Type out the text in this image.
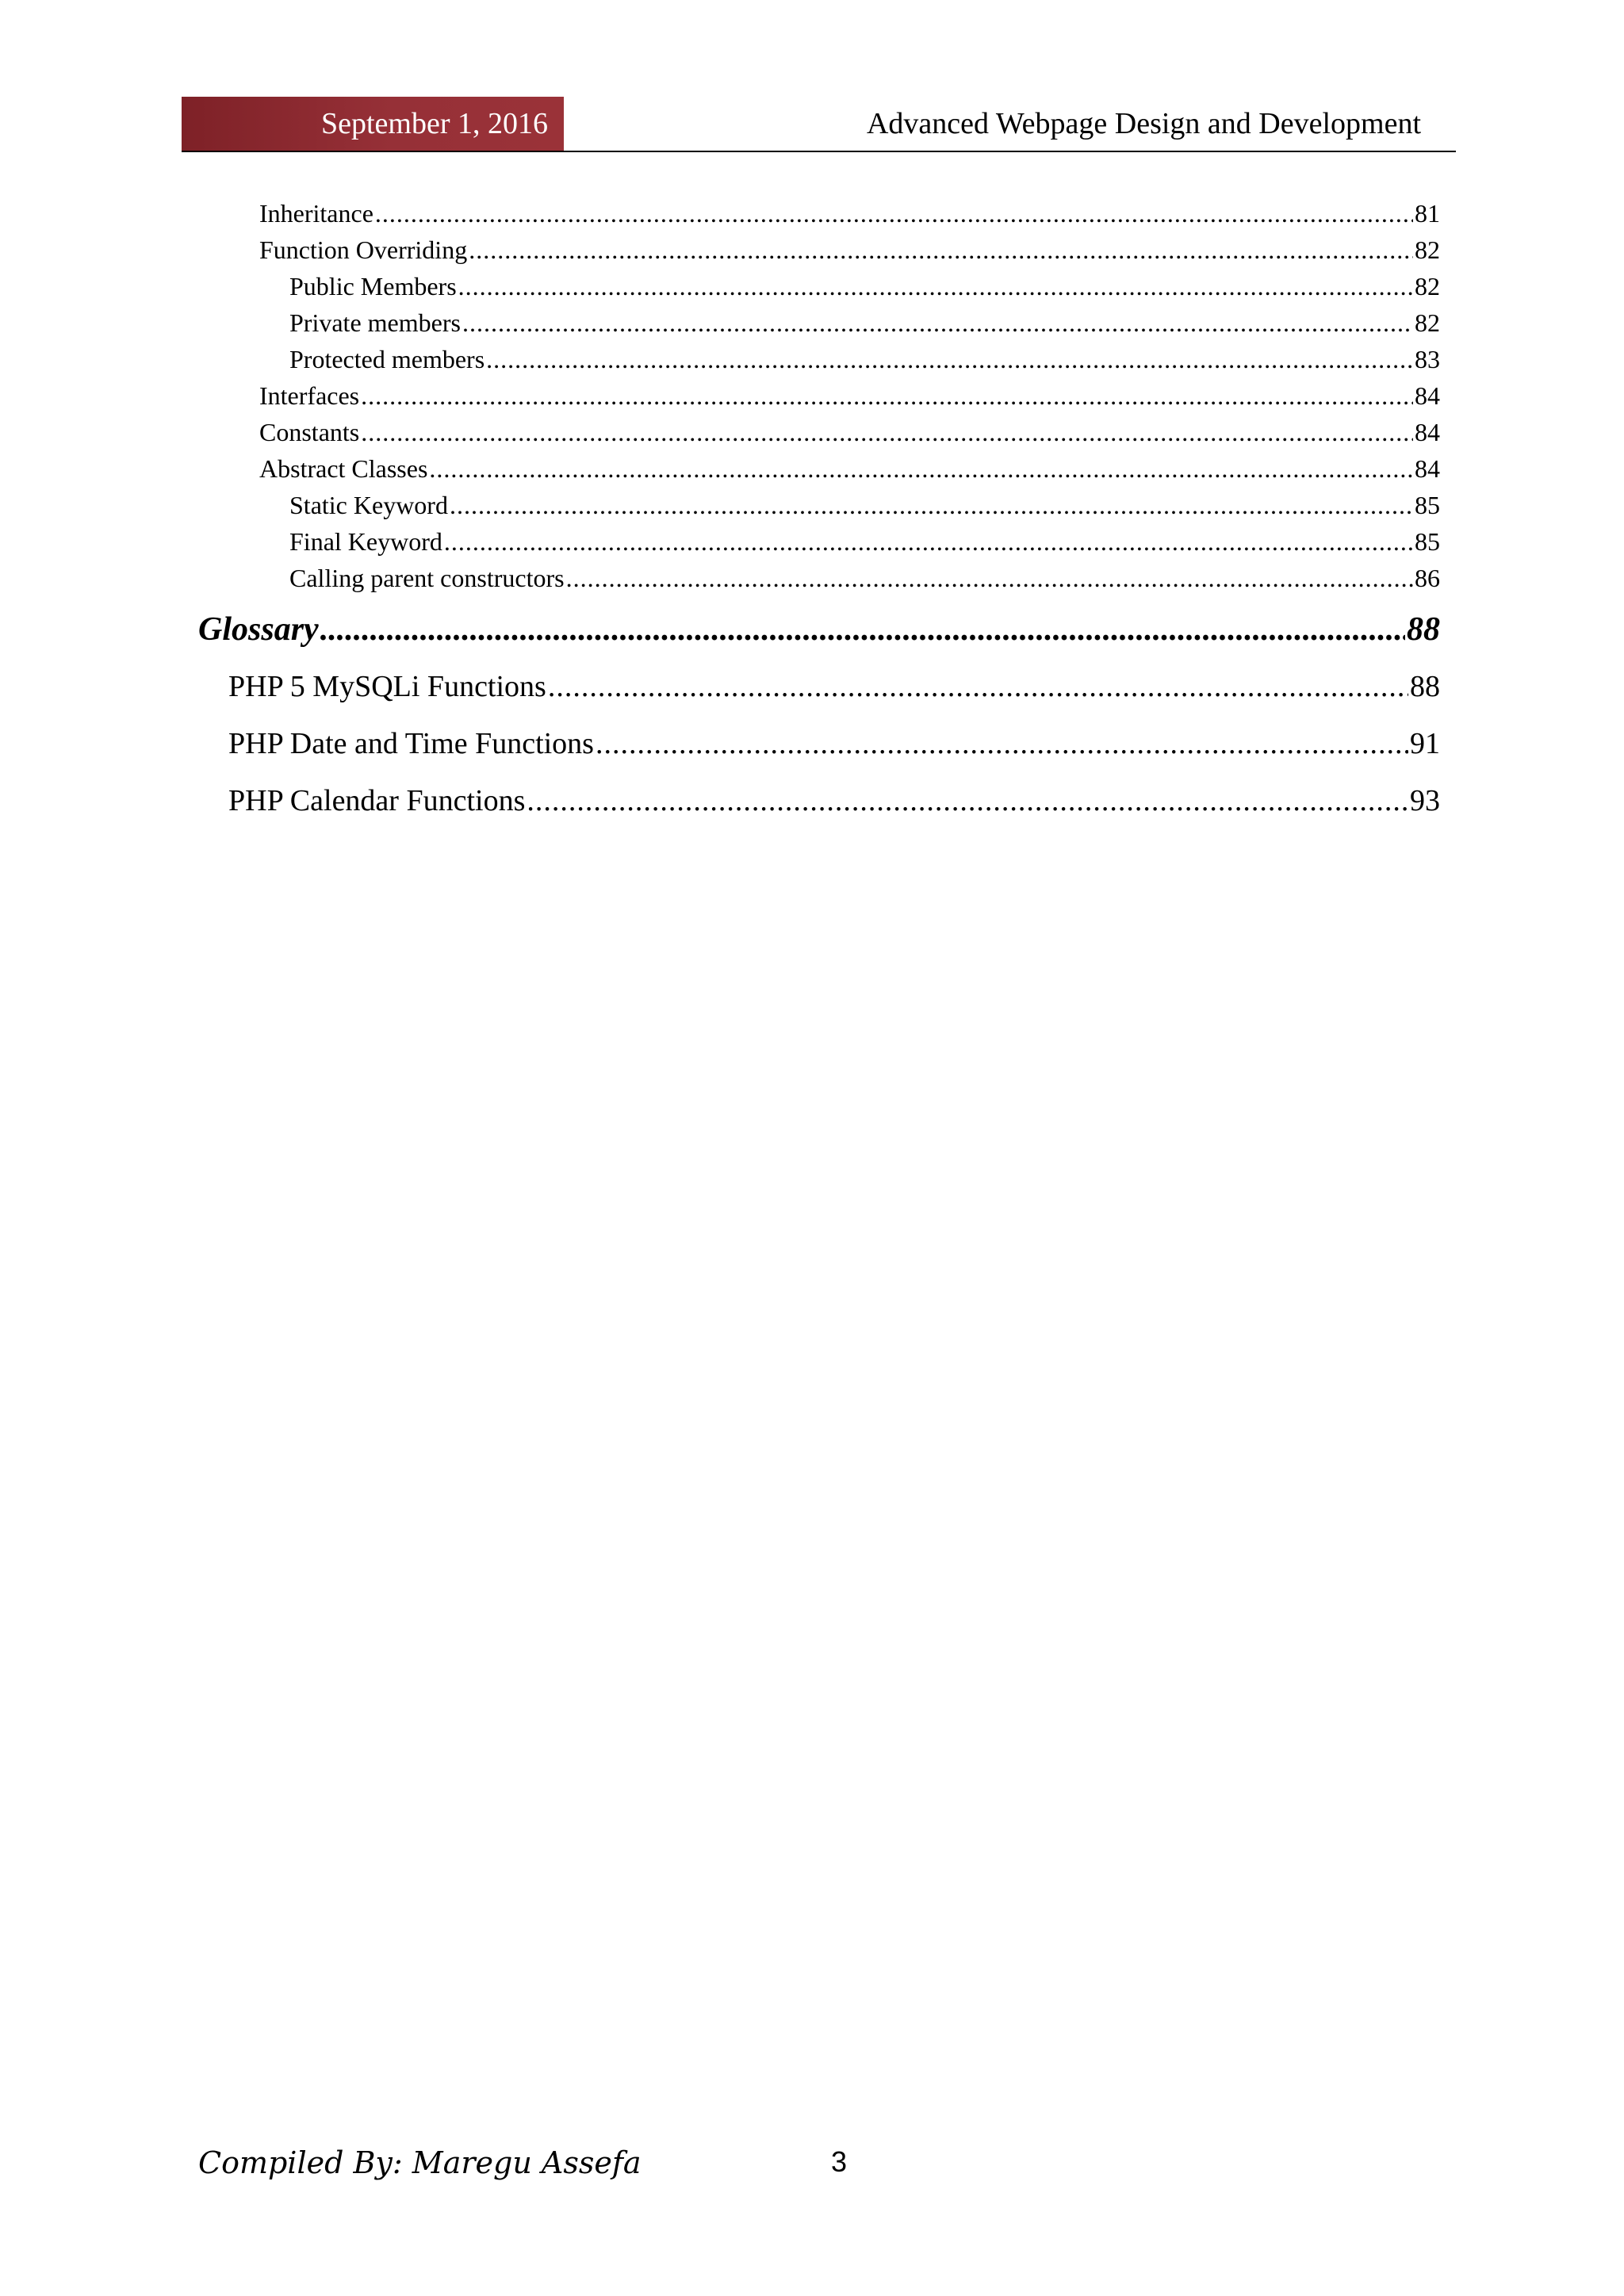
September 1, 2016	Advanced Webpage Design and Development
Inheritance .....	81
Function Overriding .....	82
Public Members .....	82
Private members .....	82
Protected members .....	83
Interfaces .....	84
Constants .....	84
Abstract Classes .....	84
Static Keyword .....	85
Final Keyword .....	85
Calling parent constructors .....	86
Glossary .....	88
PHP 5 MySQLi Functions .....	88
PHP Date and Time Functions .....	91
PHP Calendar Functions .....	93
Compiled By: Maregu Assefa	3
